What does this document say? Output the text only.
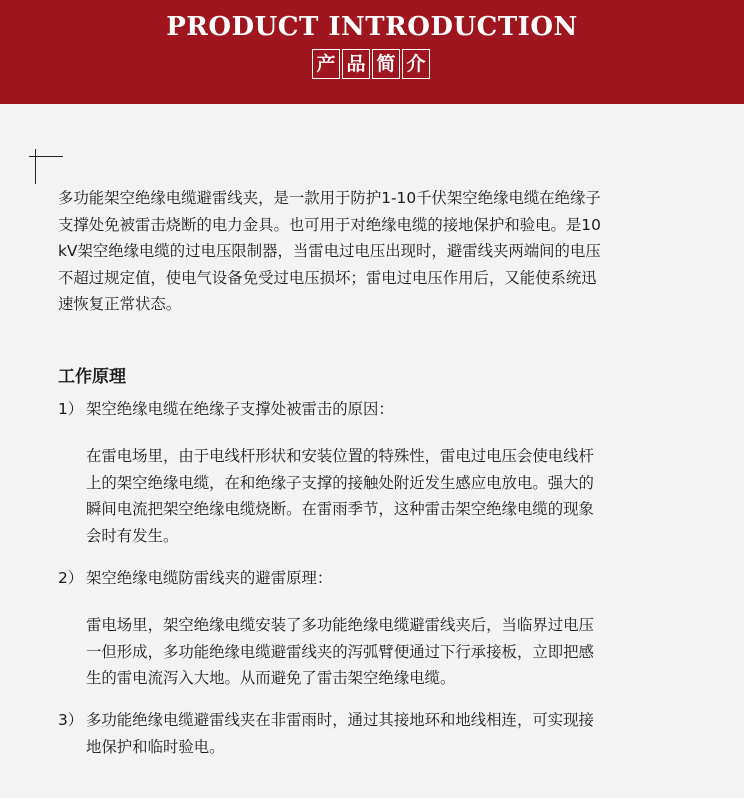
PRODUCT INTRODUCTION
产 品 简 介
多功能架空绝缘电缆避雷线夹，是一款用于防护1-10千伏架空绝缘电缆在绝缘子
支撑处免被雷击烧断的电力金具。也可用于对绝缘电缆的接地保护和验电。是10
kV架空绝缘电缆的过电压限制器，当雷电过电压出现时，避雷线夹两端间的电压
不超过规定值，使电气设备免受过电压损坏；雷电过电压作用后，又能使系统迅
速恢复正常状态。
工作原理
1） 架空绝缘电缆在绝缘子支撑处被雷击的原因：
在雷电场里，由于电线杆形状和安装位置的特殊性，雷电过电压会使电线杆
上的架空绝缘电缆，在和绝缘子支撑的接触处附近发生感应电放电。强大的
瞬间电流把架空绝缘电缆烧断。在雷雨季节，这种雷击架空绝缘电缆的现象
会时有发生。
2） 架空绝缘电缆防雷线夹的避雷原理：
雷电场里，架空绝缘电缆安装了多功能绝缘电缆避雷线夹后，当临界过电压
一但形成，多功能绝缘电缆避雷线夹的泻弧臂便通过下行承接板，立即把感
生的雷电流泻入大地。从而避免了雷击架空绝缘电缆。
3） 多功能绝缘电缆避雷线夹在非雷雨时，通过其接地环和地线相连，可实现接
地保护和临时验电。
